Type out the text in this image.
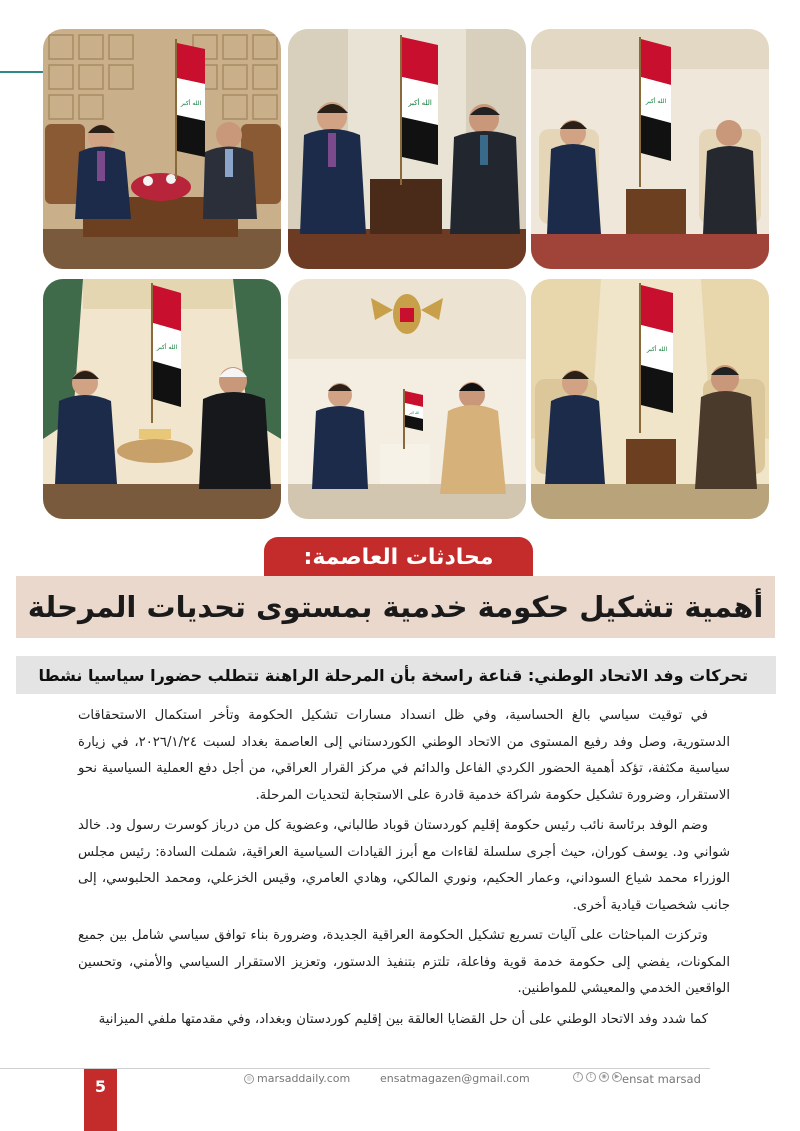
الله أكبر	الله أكبر	الله أكبر
الله أكبر
الله أكبر
الله أكبر
محادثات العاصمة:
أهمية تشكيل حكومة خدمية بمستوى تحديات المرحلة
تحركات وفد الاتحاد الوطني: قناعة راسخة بأن المرحلة الراهنة تتطلب حضورا سياسيا نشطا

في توقيت سياسي بالغ الحساسية، وفي ظل انسداد مسارات تشكيل الحكومة وتأخر استكمال الاستحقاقات الدستورية، وصل وفد رفيع المستوى من الاتحاد الوطني الكوردستاني إلى العاصمة بغداد لسبت ٢٠٢٦/١/٢٤، في زيارة سياسية مكثفة، تؤكد أهمية الحضور الكردي الفاعل والدائم في مركز القرار العراقي، من أجل دفع العملية السياسية نحو الاستقرار، وضرورة تشكيل حكومة شراكة خدمية قادرة على الاستجابة لتحديات المرحلة.

وضم الوفد برئاسة نائب رئيس حكومة إقليم كوردستان قوباد طالباني، وعضوية كل من درباز كوسرت رسول ود. خالد شواني ود. يوسف كوران، حيث أجرى سلسلة لقاءات مع أبرز القيادات السياسية العراقية، شملت السادة: رئيس مجلس الوزراء محمد شياع السوداني، وعمار الحكيم، ونوري المالكي، وهادي العامري، وقيس الخزعلي، ومحمد الحلبوسي، إلى جانب شخصيات قيادية أخرى.

وتركزت المباحثات على آليات تسريع تشكيل الحكومة العراقية الجديدة، وضرورة بناء توافق سياسي شامل بين جميع المكونات، يفضي إلى حكومة خدمة قوية وفاعلة، تلتزم بتنفيذ الدستور، وتعزيز الاستقرار السياسي والأمني، وتحسين الواقعين الخدمي والمعيشي للمواطنين.

كما شدد وفد الاتحاد الوطني على أن حل القضايا العالقة بين إقليم كوردستان وبغداد، وفي مقدمتها ملفي الميزانية

5	◎ marsaddaily.com	ensatmagazen@gmail.com	f	t	◉	▶ ensat marsad
